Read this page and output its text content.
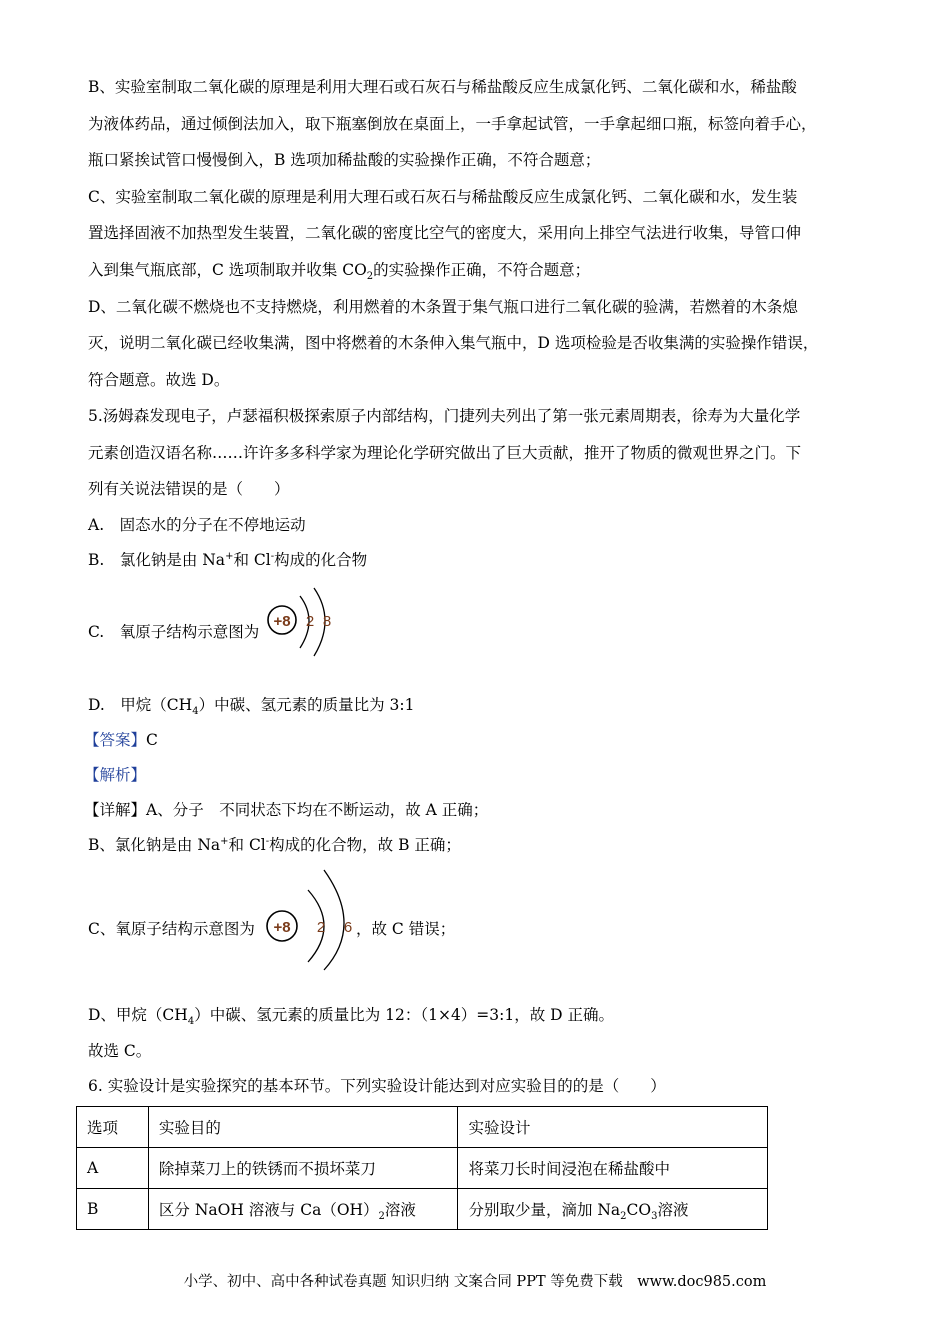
B、实验室制取二氧化碳的原理是利用大理石或石灰石与稀盐酸反应生成氯化钙、二氧化碳和水，稀盐酸
为液体药品，通过倾倒法加入，取下瓶塞倒放在桌面上，一手拿起试管，一手拿起细口瓶，标签向着手心，
瓶口紧挨试管口慢慢倒入，B 选项加稀盐酸的实验操作正确，不符合题意；
C、实验室制取二氧化碳的原理是利用大理石或石灰石与稀盐酸反应生成氯化钙、二氧化碳和水，发生装
置选择固液不加热型发生装置，二氧化碳的密度比空气的密度大，采用向上排空气法进行收集，导管口伸
入到集气瓶底部，C 选项制取并收集 $CO_2$的实验操作正确，不符合题意；
D、二氧化碳不燃烧也不支持燃烧，利用燃着的木条置于集气瓶口进行二氧化碳的验满，若燃着的木条熄
灭，说明二氧化碳已经收集满，图中将燃着的木条伸入集气瓶中，D 选项检验是否收集满的实验操作错误，
符合题意。故选 D。
5.汤姆森发现电子，卢瑟福积极探索原子内部结构，门捷列夫列出了第一张元素周期表，徐寿为大量化学
元素创造汉语名称……许许多多科学家为理论化学研究做出了巨大贡献，推开了物质的微观世界之门。下
列有关说法错误的是（　　）
A.　固态水的分子在不停地运动
B.　氯化钠是由 Na+和 Cl-构成的化合物
C.　氧原子结构示意图为
+8 2 8
D.　甲烷$(CH_4)$中碳、氢元素的质量比为 3:1
【答案】C
【解析】
【详解】A、分子　不同状态下均在不断运动，故 A 正确；
B、氯化钠是由 Na+和 Cl-构成的化合物，故 B 正确；
C、氧原子结构示意图为 +8 2 6 ，故 C 错误；
D、甲烷$(CH_4)$中碳、氢元素的质量比为 12：（1×4）=3:1，故 D 正确。
故选 C。
6. 实验设计是实验探究的基本环节。下列实验设计能达到对应实验目的的是（　　）
选项	实验目的	实验设计
A	除掉菜刀上的铁锈而不损坏菜刀	将菜刀长时间浸泡在稀盐酸中
B	区分 NaOH 溶液与 $Ca(OH)_2$溶液	分别取少量，滴加 $Na_2CO_3$溶液
小学、初中、高中各种试卷真题 知识归纳 文案合同 PPT 等免费下载　www.doc985.com
